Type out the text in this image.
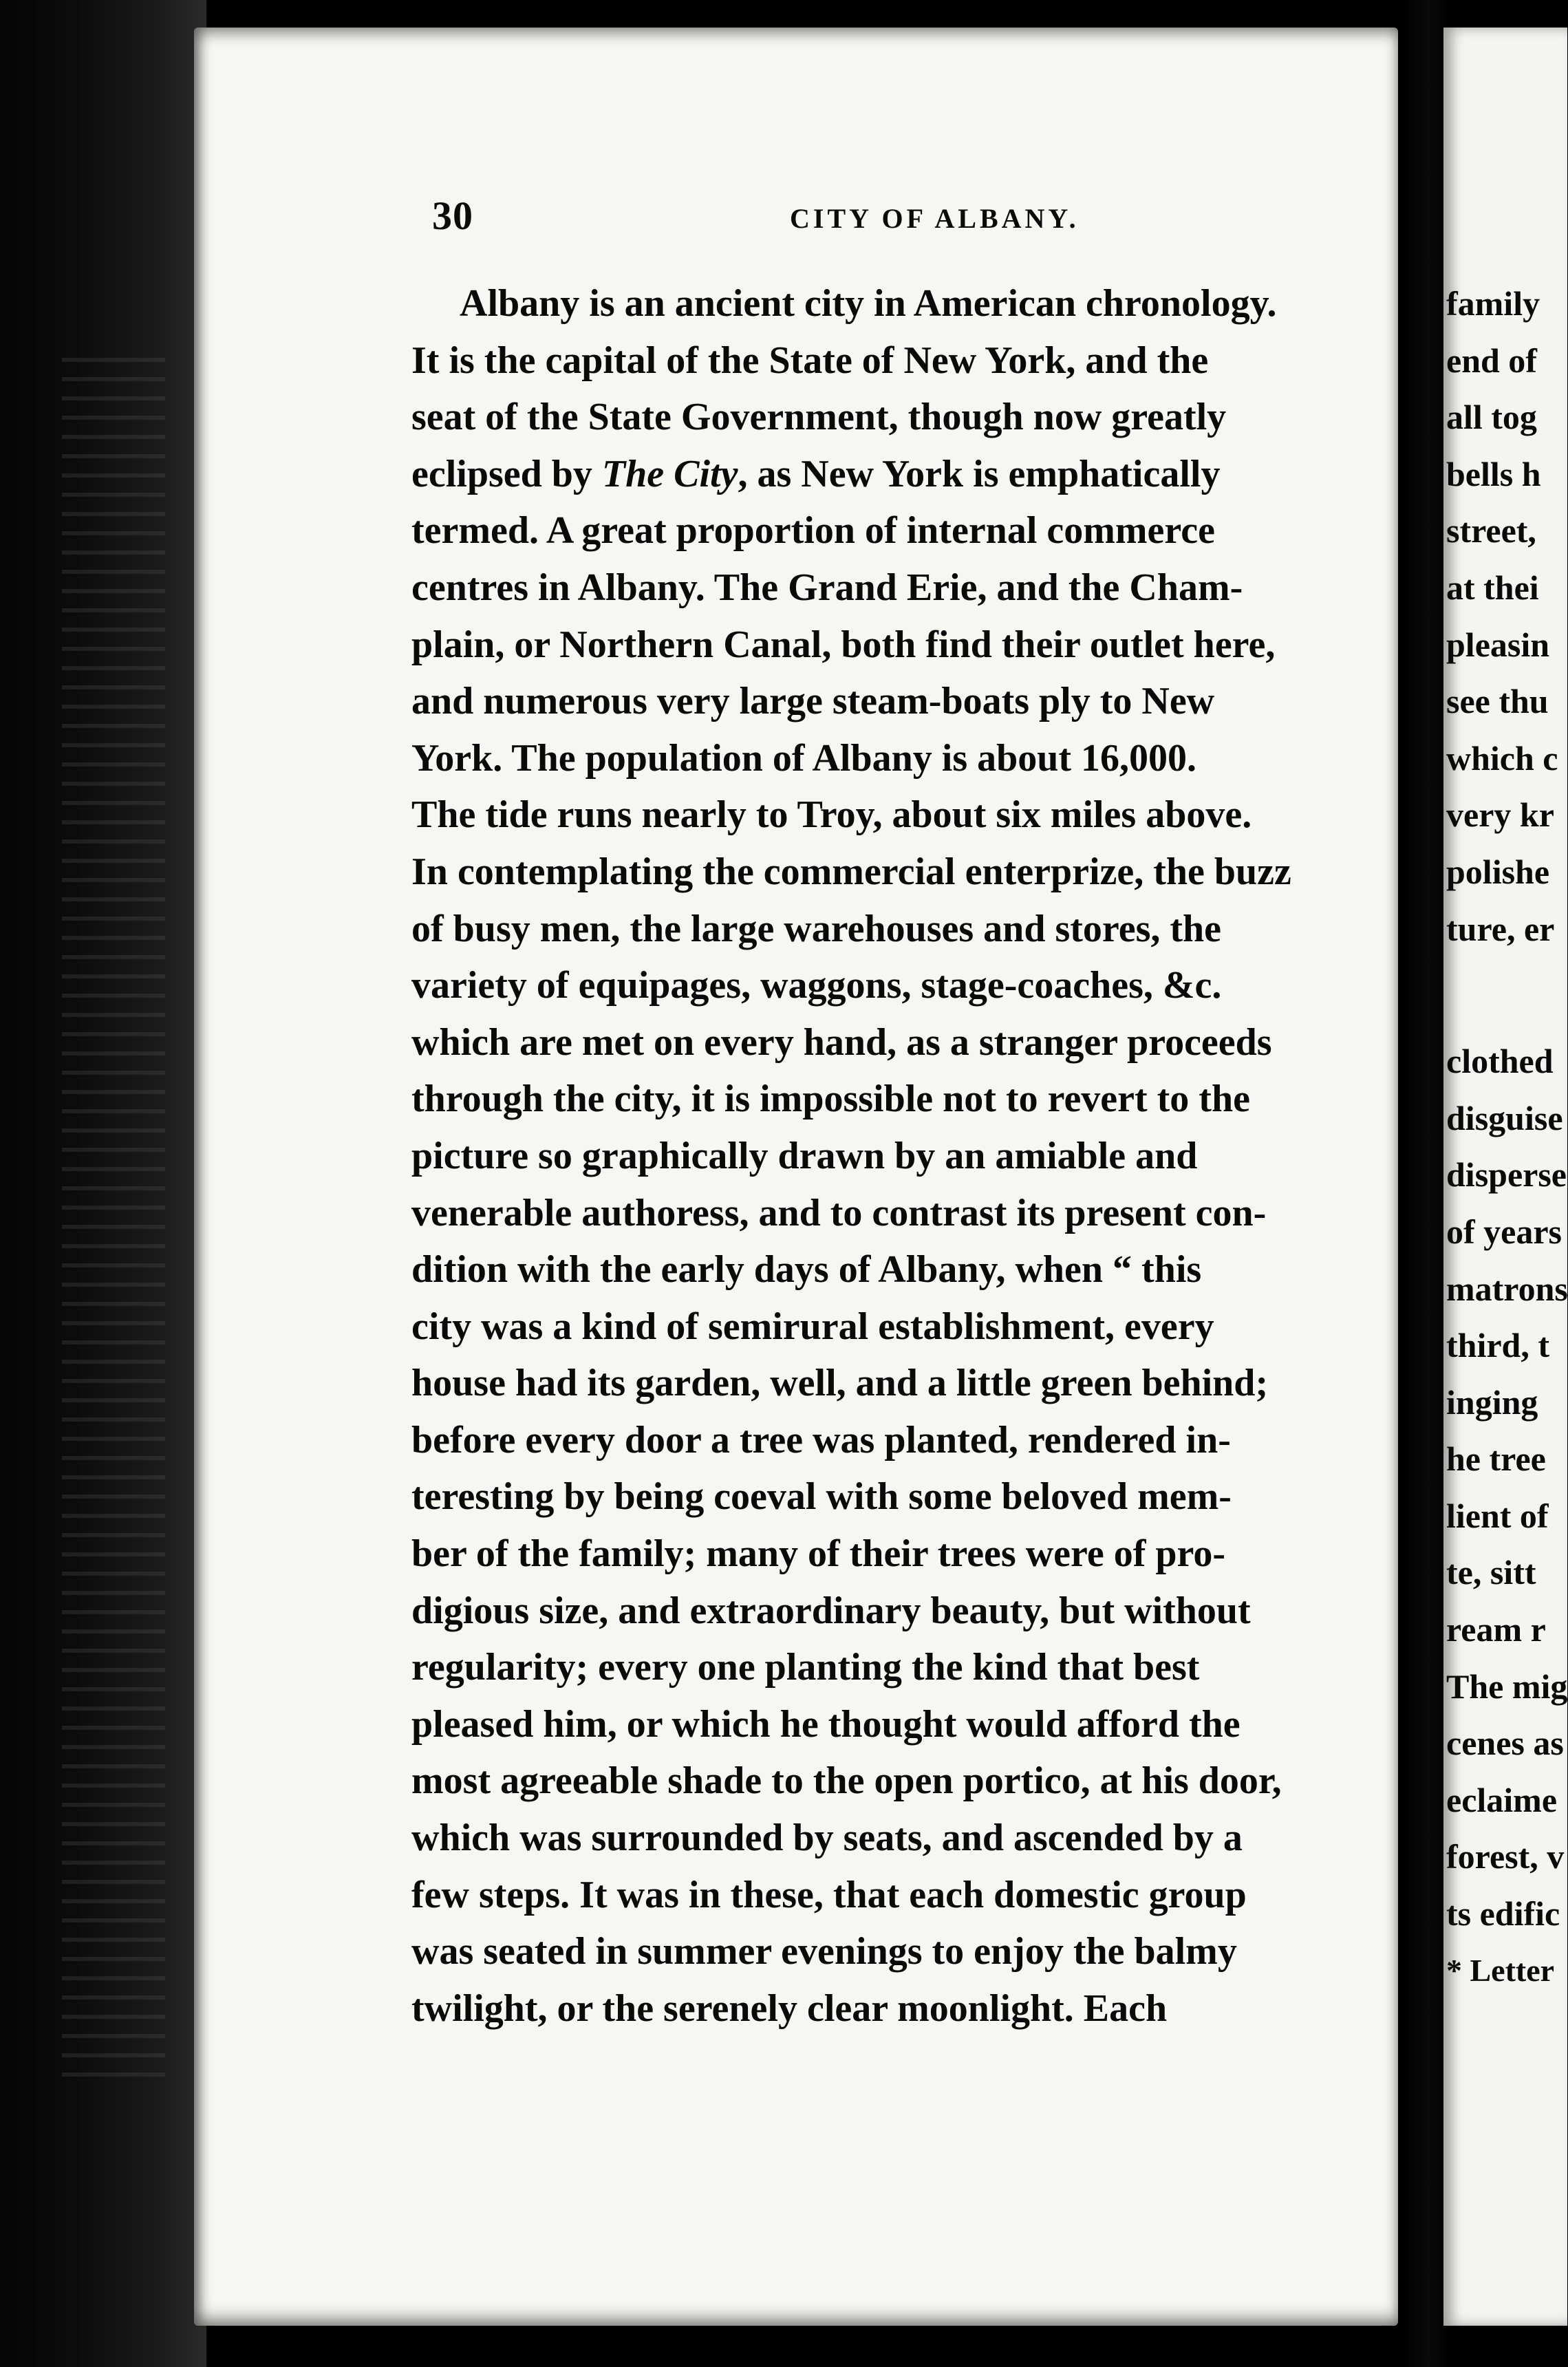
30	CITY OF ALBANY.
Albany is an ancient city in American chronology.
It is the capital of the State of New York, and the
seat of the State Government, though now greatly
eclipsed by The City, as New York is emphatically
termed. A great proportion of internal commerce
centres in Albany. The Grand Erie, and the Cham-
plain, or Northern Canal, both find their outlet here,
and numerous very large steam-boats ply to New
York. The population of Albany is about 16,000.
The tide runs nearly to Troy, about six miles above.
In contemplating the commercial enterprize, the buzz
of busy men, the large warehouses and stores, the
variety of equipages, waggons, stage-coaches, &c.
which are met on every hand, as a stranger proceeds
through the city, it is impossible not to revert to the
picture so graphically drawn by an amiable and
venerable authoress, and to contrast its present con-
dition with the early days of Albany, when “ this
city was a kind of semirural establishment, every
house had its garden, well, and a little green behind;
before every door a tree was planted, rendered in-
teresting by being coeval with some beloved mem-
ber of the family; many of their trees were of pro-
digious size, and extraordinary beauty, but without
regularity; every one planting the kind that best
pleased him, or which he thought would afford the
most agreeable shade to the open portico, at his door,
which was surrounded by seats, and ascended by a
few steps. It was in these, that each domestic group
was seated in summer evenings to enjoy the balmy
twilight, or the serenely clear moonlight. Each
family
end of
all tog
bells h
street,
at thei
pleasin
see thu
which c
very kr
polishe
ture, er
clothed
disguise
disperse
of years
matrons
third, t
inging
he tree
lient of
te, sitt
ream r
The mig
cenes as
eclaime
forest, v
ts edific
* Letter
